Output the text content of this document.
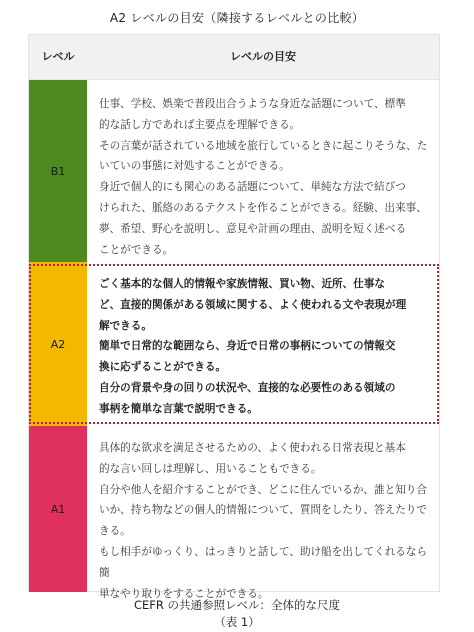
A2 レベルの目安（隣接するレベルとの比較）
レベル	レベルの目安
B1

仕事、学校、娯楽で普段出合うような身近な話題について、標準

的な話し方であれば主要点を理解できる。

その言葉が話されている地域を旅行しているときに起こりそうな、た

いていの事態に対処することができる。

身近で個人的にも関心のある話題について、単純な方法で結びつ

けられた、脈絡のあるテクストを作ることができる。経験、出来事、

夢、希望、野心を説明し、意見や計画の理由、説明を短く述べる

ことができる。

A2

ごく基本的な個人的情報や家族情報、買い物、近所、仕事な

ど、直接的関係がある領域に関する、よく使われる文や表現が理

解できる。

簡単で日常的な範囲なら、身近で日常の事柄についての情報交

換に応ずることができる。

自分の背景や身の回りの状況や、直接的な必要性のある領域の

事柄を簡単な言葉で説明できる。

A1

具体的な欲求を満足させるための、よく使われる日常表現と基本

的な言い回しは理解し、用いることもできる。

自分や他人を紹介することができ、どこに住んでいるか、誰と知り合

いか、持ち物などの個人的情報について、質問をしたり、答えたりで

きる。

もし相手がゆっくり、はっきりと話して、助け船を出してくれるなら簡

単なやり取りをすることができる。

CEFR の共通参照レベル：全体的な尺度
（表 1）
